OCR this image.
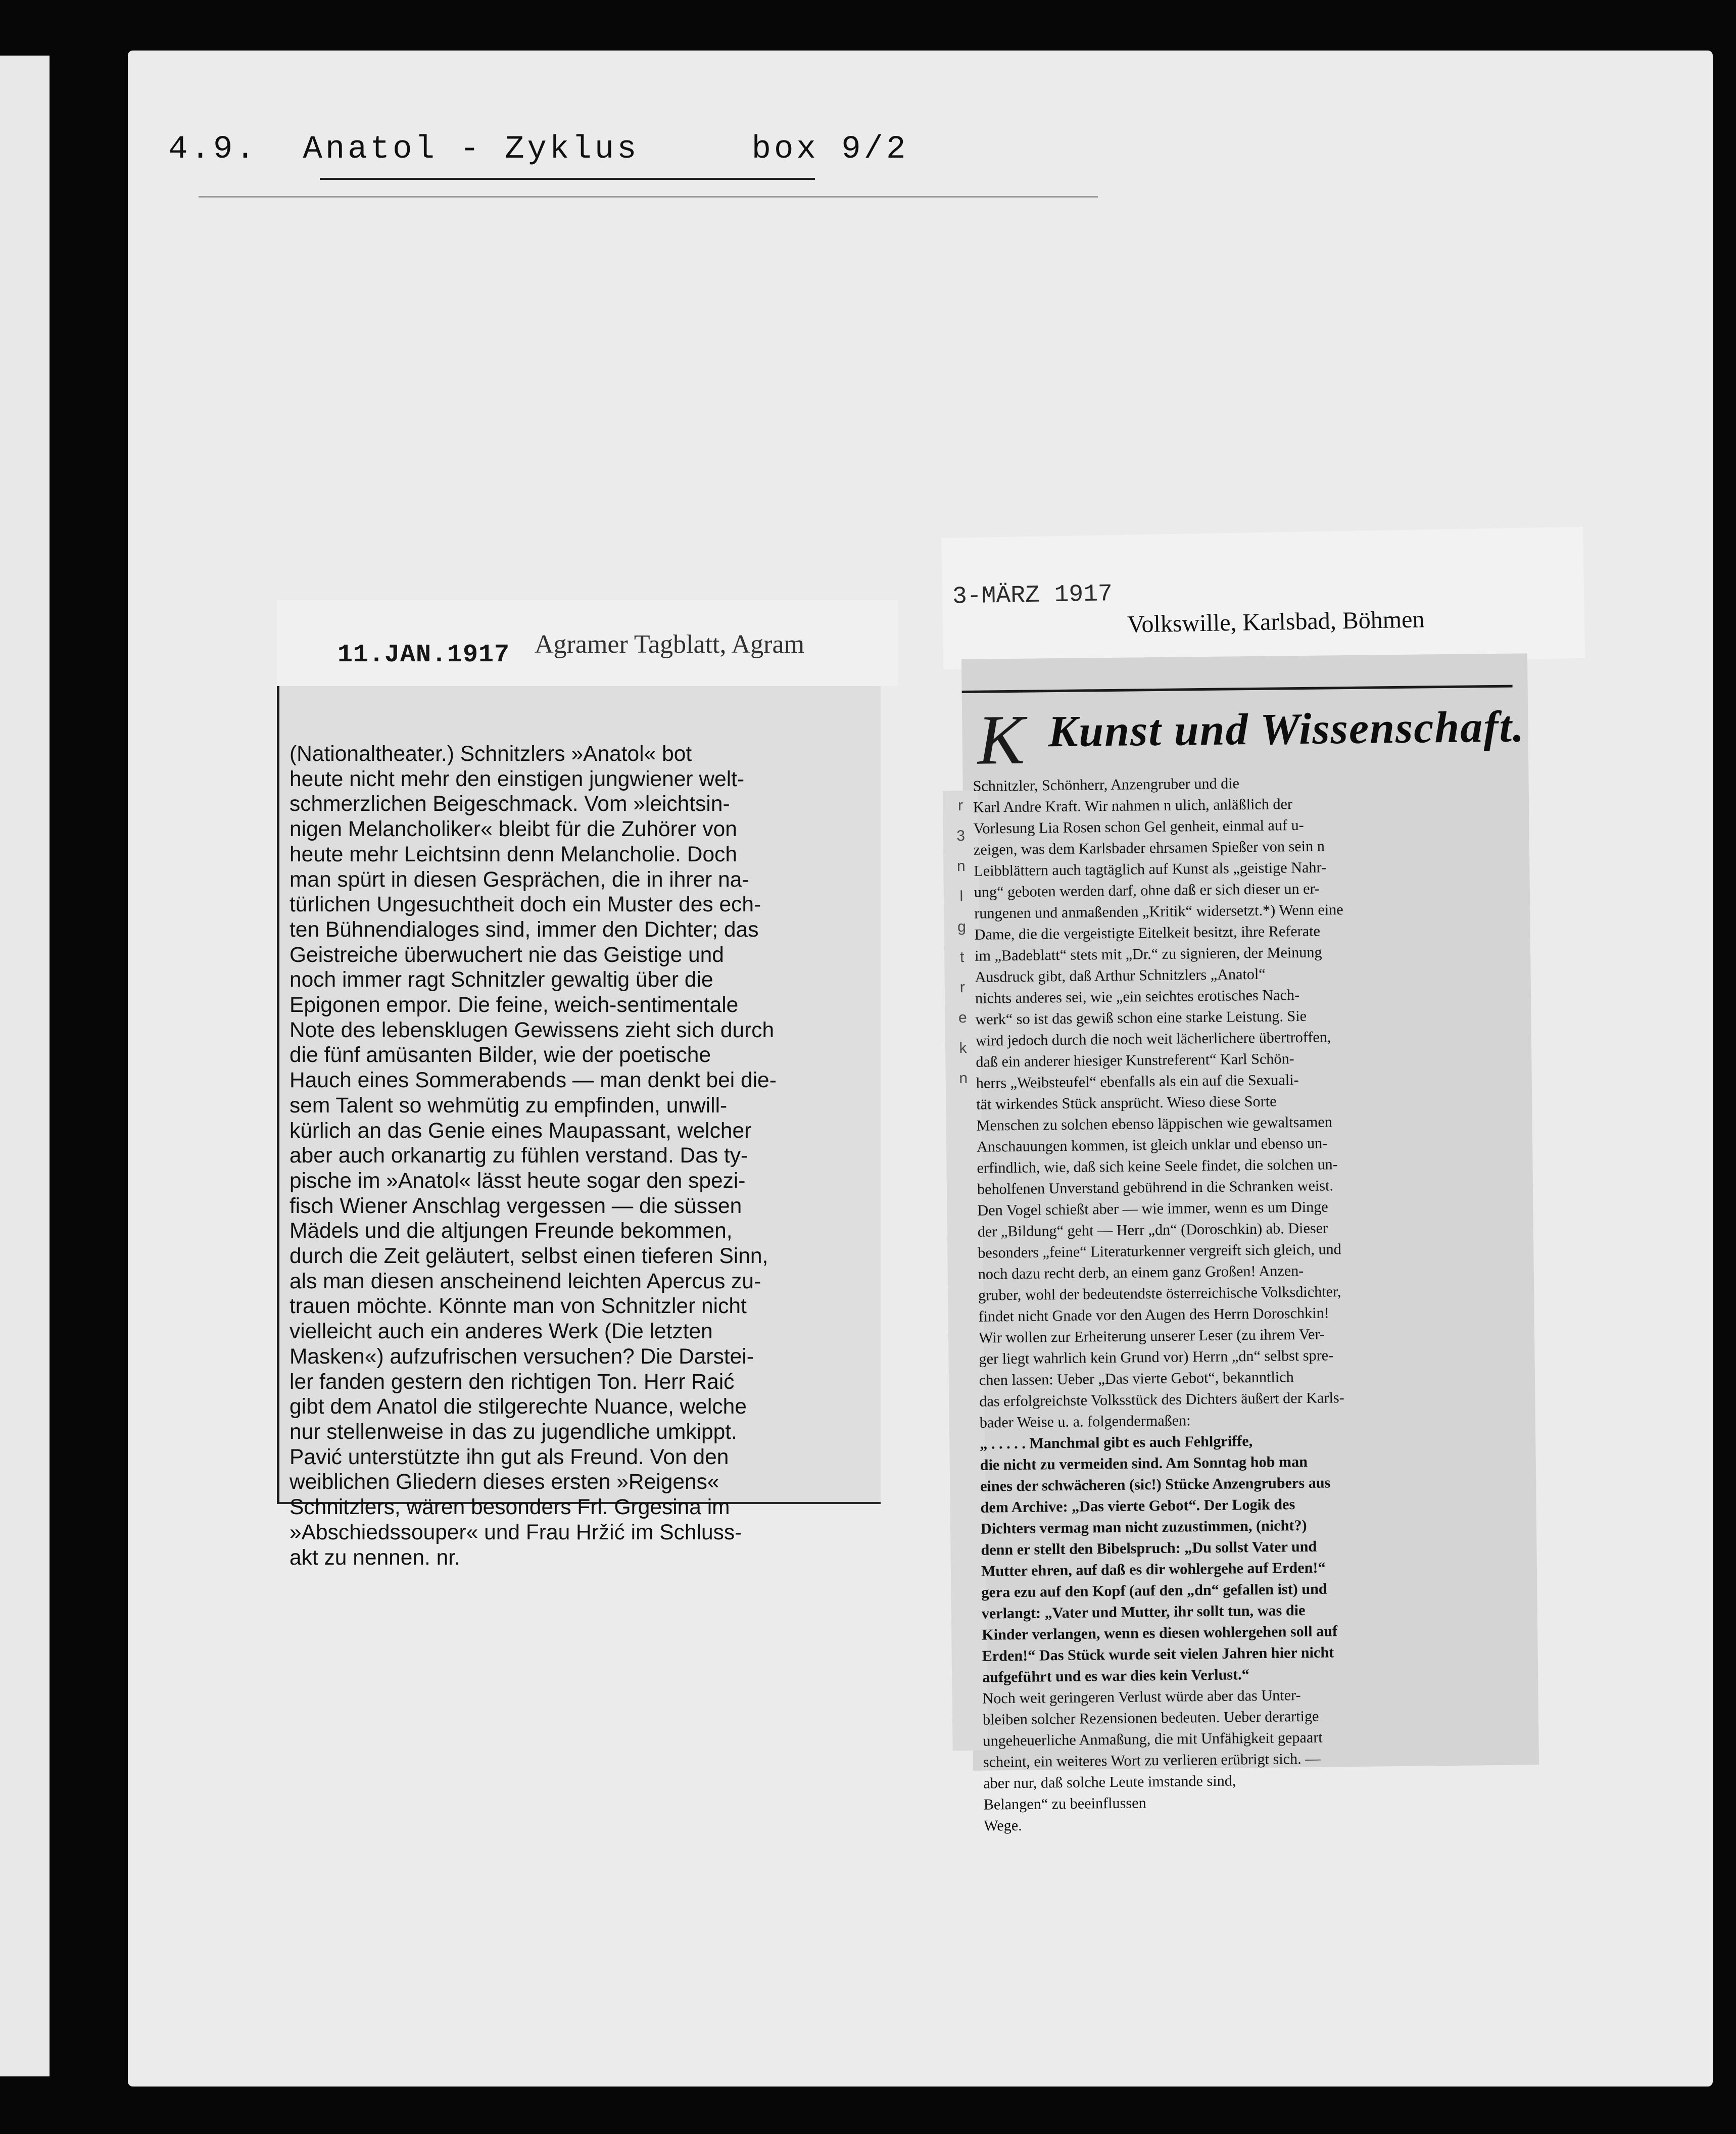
4.9. Anatol - Zyklus	box 9/2
11.JAN.1917 Agramer Tagblatt, Agram
(Nationaltheater.) Schnitzlers »Anatol« bot
heute nicht mehr den einstigen jungwiener welt-
schmerzlichen Beigeschmack. Vom »leichtsin-
nigen Melancholiker« bleibt für die Zuhörer von
heute mehr Leichtsinn denn Melancholie. Doch
man spürt in diesen Gesprächen, die in ihrer na-
türlichen Ungesuchtheit doch ein Muster des ech-
ten Bühnendialoges sind, immer den Dichter; das
Geistreiche überwuchert nie das Geistige und
noch immer ragt Schnitzler gewaltig über die
Epigonen empor. Die feine, weich-sentimentale
Note des lebensklugen Gewissens zieht sich durch
die fünf amüsanten Bilder, wie der poetische
Hauch eines Sommerabends — man denkt bei die-
sem Talent so wehmütig zu empfinden, unwill-
kürlich an das Genie eines Maupassant, welcher
aber auch orkanartig zu fühlen verstand. Das ty-
pische im »Anatol« lässt heute sogar den spezi-
fisch Wiener Anschlag vergessen — die süssen
Mädels und die altjungen Freunde bekommen,
durch die Zeit geläutert, selbst einen tieferen Sinn,
als man diesen anscheinend leichten Apercus zu-
trauen möchte. Könnte man von Schnitzler nicht
vielleicht auch ein anderes Werk (Die letzten
Masken«) aufzufrischen versuchen? Die Darstei-
ler fanden gestern den richtigen Ton. Herr Raić
gibt dem Anatol die stilgerechte Nuance, welche
nur stellenweise in das zu jugendliche umkippt.
Pavić unterstützte ihn gut als Freund. Von den
weiblichen Gliedern dieses ersten »Reigens«
Schnitzlers, wären besonders Frl. Grgesina im
»Abschiedssouper« und Frau Hržić im Schluss-
akt zu nennen. nr.
3-MÄRZ 1917
Volkswille, Karlsbad, Böhmen
r
3
n
l
g
t
r
e
k
n
K Kunst und Wissenschaft.
Schnitzler, Schönherr, Anzengruber und die
Karl Andre Kraft. Wir nahmen n ulich, anläßlich der
Vorlesung Lia Rosen schon Gel genheit, einmal auf u-
zeigen, was dem Karlsbader ehrsamen Spießer von sein n
Leibblättern auch tagtäglich auf Kunst als „geistige Nahr-
ung“ geboten werden darf, ohne daß er sich dieser un er-
rungenen und anmaßenden „Kritik“ widersetzt.*) Wenn eine
Dame, die die vergeistigte Eitelkeit besitzt, ihre Referate
im „Badeblatt“ stets mit „Dr.“ zu signieren, der Meinung
Ausdruck gibt, daß Arthur Schnitzlers „Anatol“
nichts anderes sei, wie „ein seichtes erotisches Nach-
werk“ so ist das gewiß schon eine starke Leistung. Sie
wird jedoch durch die noch weit lächerlichere übertroffen,
daß ein anderer hiesiger Kunstreferent“ Karl Schön-
herrs „Weibsteufel“ ebenfalls als ein auf die Sexuali-
tät wirkendes Stück ansprücht. Wieso diese Sorte
Menschen zu solchen ebenso läppischen wie gewaltsamen
Anschauungen kommen, ist gleich unklar und ebenso un-
erfindlich, wie, daß sich keine Seele findet, die solchen un-
beholfenen Unverstand gebührend in die Schranken weist.
Den Vogel schießt aber — wie immer, wenn es um Dinge
der „Bildung“ geht — Herr „dn“ (Doroschkin) ab. Dieser
besonders „feine“ Literaturkenner vergreift sich gleich, und
noch dazu recht derb, an einem ganz Großen! Anzen-
gruber, wohl der bedeutendste österreichische Volksdichter,
findet nicht Gnade vor den Augen des Herrn Doroschkin!
Wir wollen zur Erheiterung unserer Leser (zu ihrem Ver-
ger liegt wahrlich kein Grund vor) Herrn „dn“ selbst spre-
chen lassen: Ueber „Das vierte Gebot“, bekanntlich
das erfolgreichste Volksstück des Dichters äußert der Karls-
bader Weise u. a. folgendermaßen:
„ . . . . . Manchmal gibt es auch Fehlgriffe,
die nicht zu vermeiden sind. Am Sonntag hob man
eines der schwächeren (sic!) Stücke Anzengrubers aus
dem Archive: „Das vierte Gebot“. Der Logik des
Dichters vermag man nicht zuzustimmen, (nicht?)
denn er stellt den Bibelspruch: „Du sollst Vater und
Mutter ehren, auf daß es dir wohlergehe auf Erden!“
gera ezu auf den Kopf (auf den „dn“ gefallen ist) und
verlangt: „Vater und Mutter, ihr sollt tun, was die
Kinder verlangen, wenn es diesen wohlergehen soll auf
Erden!“ Das Stück wurde seit vielen Jahren hier nicht
aufgeführt und es war dies kein Verlust.“
Noch weit geringeren Verlust würde aber das Unter-
bleiben solcher Rezensionen bedeuten. Ueber derartige
ungeheuerliche Anmaßung, die mit Unfähigkeit gepaart
scheint, ein weiteres Wort zu verlieren erübrigt sich. —
aber nur, daß solche Leute imstande sind,
Belangen“ zu beeinflussen
Wege.
